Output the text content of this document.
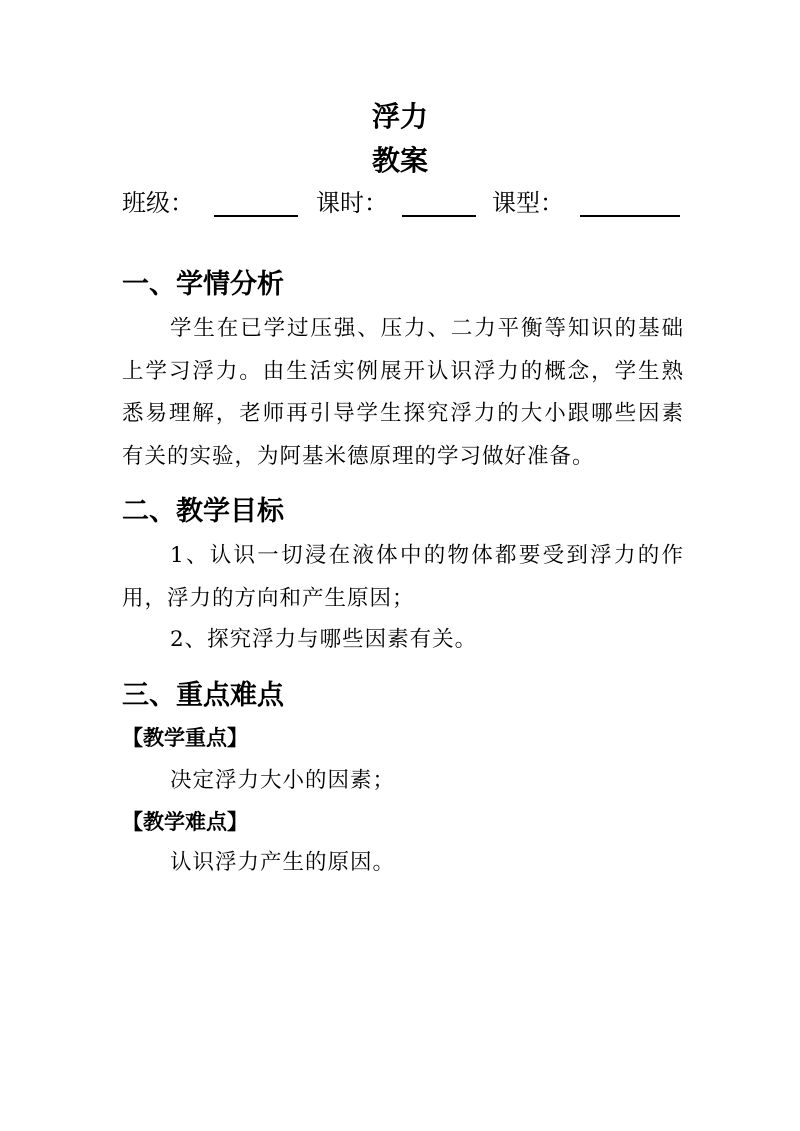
浮力
教案
班级：	课时：	课型：
一、学情分析
学生在已学过压强、压力、二力平衡等知识的基础上学习浮力。由生活实例展开认识浮力的概念，学生熟悉易理解，老师再引导学生探究浮力的大小跟哪些因素有关的实验，为阿基米德原理的学习做好准备。
二、教学目标
1、认识一切浸在液体中的物体都要受到浮力的作用，浮力的方向和产生原因；
2、探究浮力与哪些因素有关。
三、重点难点
【教学重点】
决定浮力大小的因素；
【教学难点】
认识浮力产生的原因。
